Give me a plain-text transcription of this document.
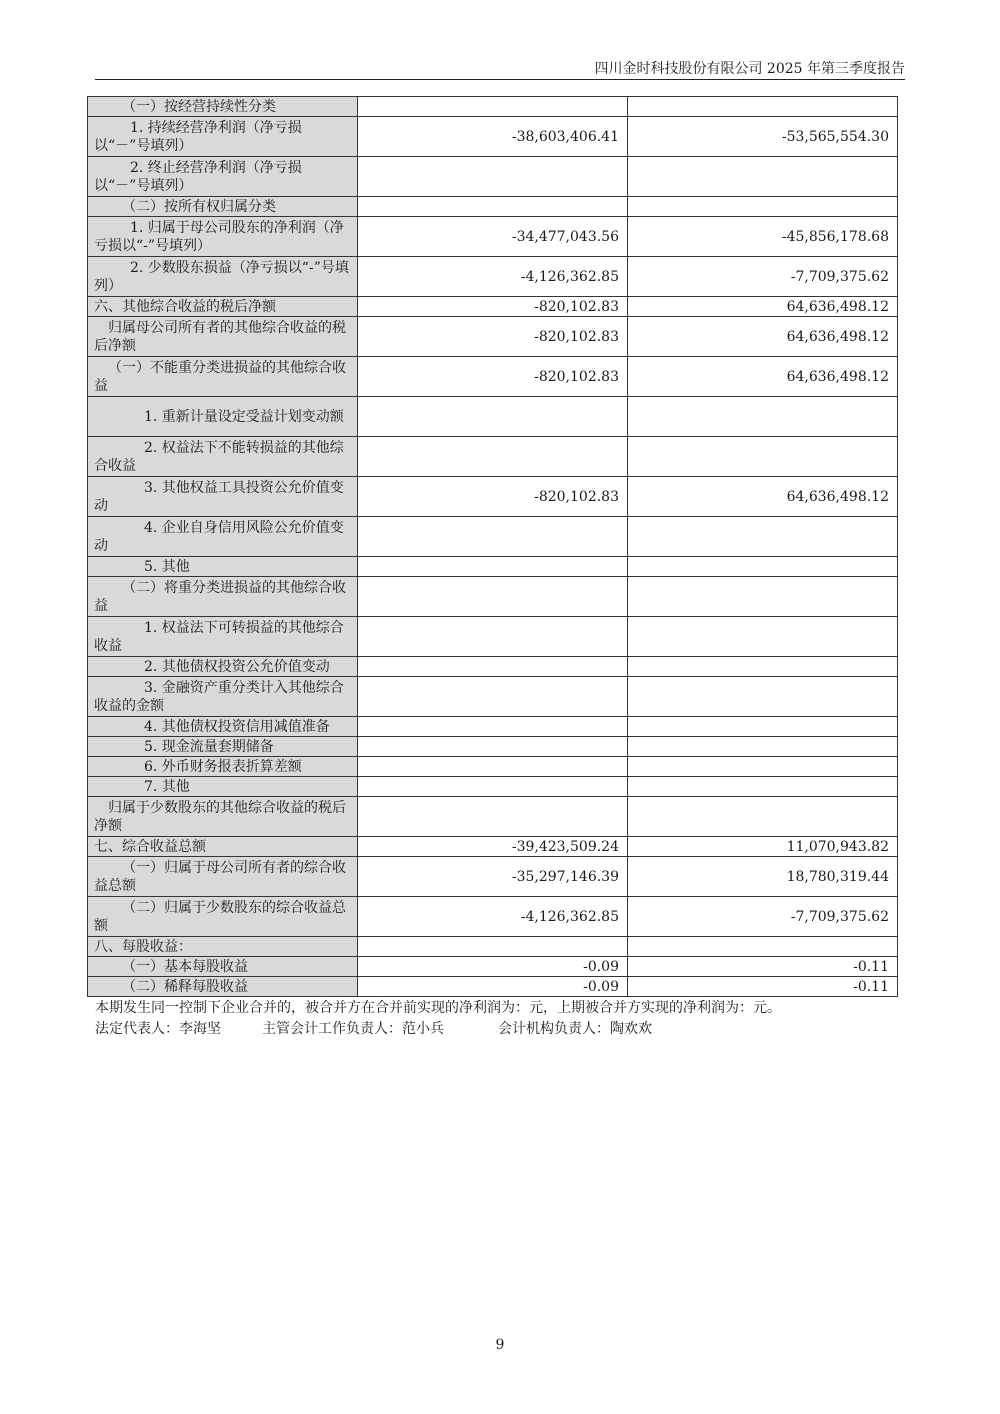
四川金时科技股份有限公司 2025 年第三季度报告
（一）按经营持续性分类		
1. 持续经营净利润（净亏损以“－”号填列）	-38,603,406.41	-53,565,554.30
2. 终止经营净利润（净亏损以“－”号填列）		
（二）按所有权归属分类		
1. 归属于母公司股东的净利润（净亏损以“-”号填列）	-34,477,043.56	-45,856,178.68
2. 少数股东损益（净亏损以“-”号填列）	-4,126,362.85	-7,709,375.62
六、其他综合收益的税后净额	-820,102.83	64,636,498.12
归属母公司所有者的其他综合收益的税后净额	-820,102.83	64,636,498.12
（一）不能重分类进损益的其他综合收益	-820,102.83	64,636,498.12
1. 重新计量设定受益计划变动额		
2. 权益法下不能转损益的其他综合收益		
3. 其他权益工具投资公允价值变动	-820,102.83	64,636,498.12
4. 企业自身信用风险公允价值变动		
5. 其他		
（二）将重分类进损益的其他综合收益		
1. 权益法下可转损益的其他综合收益		
2. 其他债权投资公允价值变动		
3. 金融资产重分类计入其他综合收益的金额		
4. 其他债权投资信用减值准备		
5. 现金流量套期储备		
6. 外币财务报表折算差额		
7. 其他		
归属于少数股东的其他综合收益的税后净额		
七、综合收益总额	-39,423,509.24	11,070,943.82
（一）归属于母公司所有者的综合收益总额	-35,297,146.39	18,780,319.44
（二）归属于少数股东的综合收益总额	-4,126,362.85	-7,709,375.62
八、每股收益：		
（一）基本每股收益	-0.09	-0.11
（二）稀释每股收益	-0.09	-0.11
本期发生同一控制下企业合并的，被合并方在合并前实现的净利润为：元，上期被合并方实现的净利润为：元。
法定代表人：李海坚	主管会计工作负责人：范小兵	会计机构负责人：陶欢欢
9
